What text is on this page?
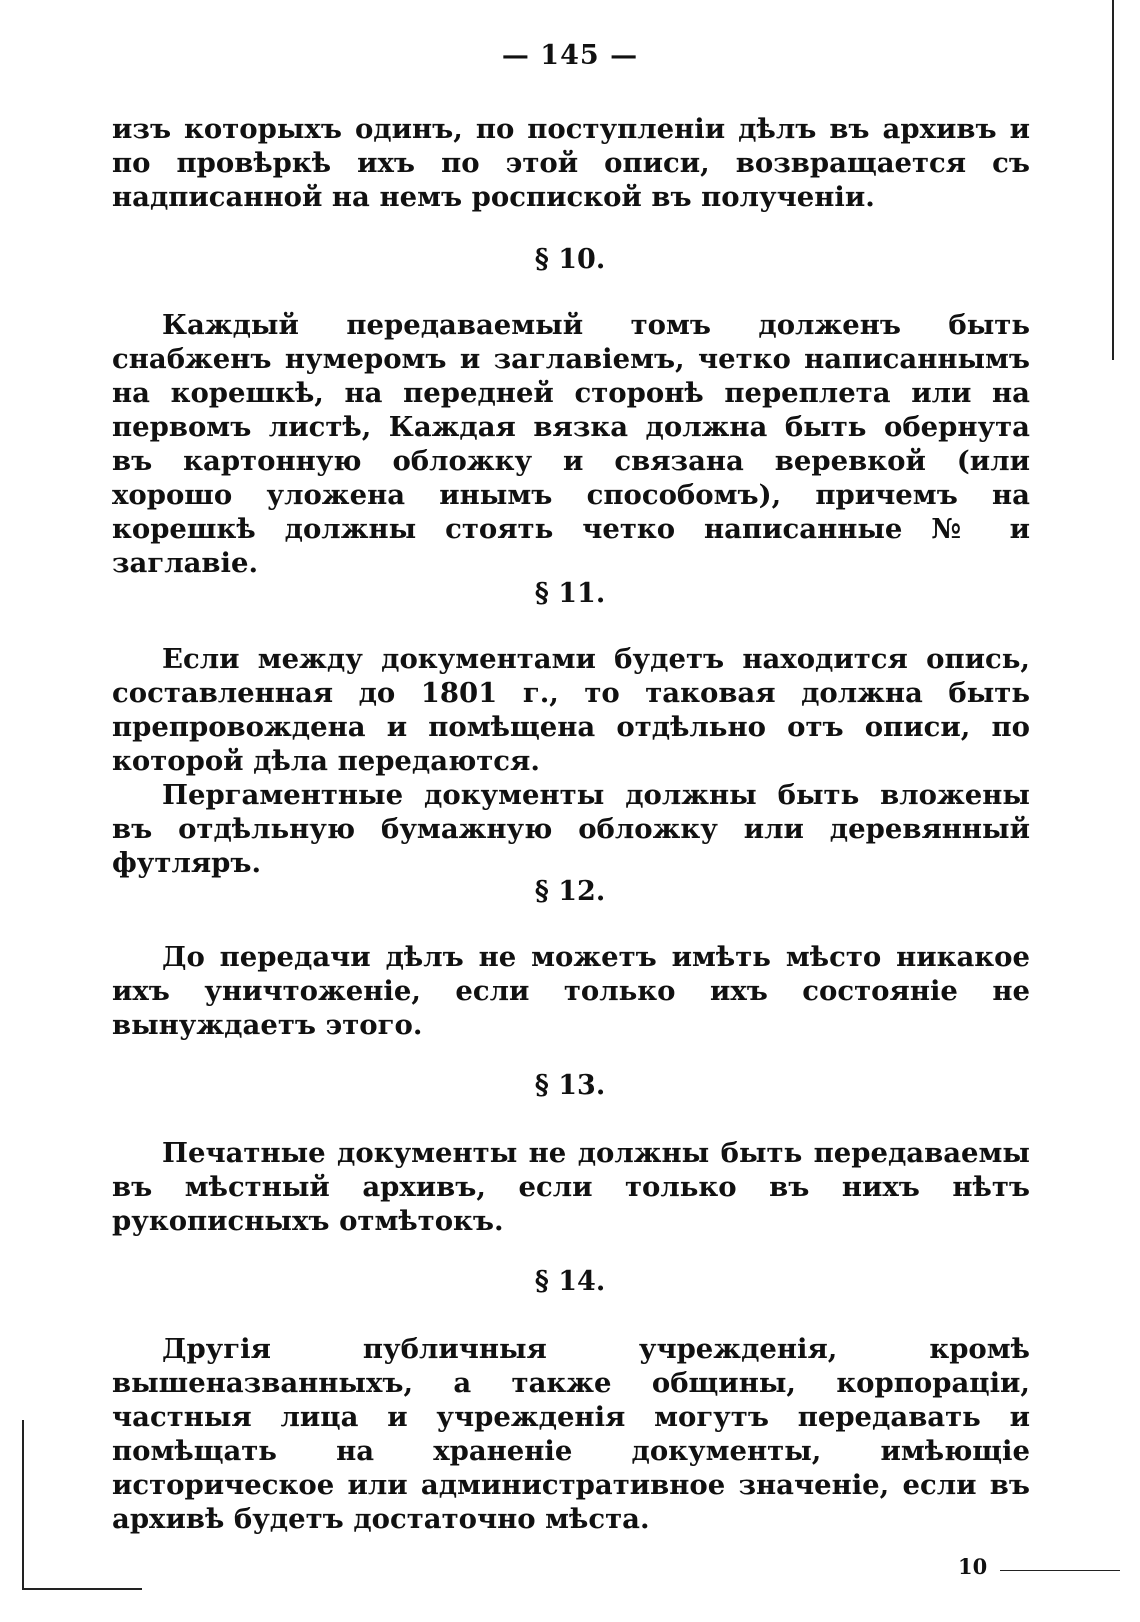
— 145 —

изъ которыхъ одинъ, по поступленіи дѣлъ въ архивъ и по провѣркѣ ихъ по этой описи, возвращается съ надписанной на немъ роспиской въ полученіи.

§ 10.

Каждый передаваемый томъ долженъ быть снабженъ нумеромъ и заглавіемъ, четко написаннымъ на корешкѣ, на передней сторонѣ переплета или на первомъ листѣ, Каждая вязка должна быть обернута въ картонную обложку и связана веревкой (или хорошо уложена инымъ способомъ), причемъ на корешкѣ должны стоять четко написанные № и заглавіе.

§ 11.

Если между документами будетъ находится опись, составленная до 1801 г., то таковая должна быть препровождена и помѣщена отдѣльно отъ описи, по которой дѣла передаются.

Пергаментные документы должны быть вложены въ отдѣльную бумажную обложку или деревянный футляръ.

§ 12.

До передачи дѣлъ не можетъ имѣть мѣсто никакое ихъ уничтоженіе, если только ихъ состояніе не вынуждаетъ этого.

§ 13.

Печатные документы не должны быть передаваемы въ мѣстный архивъ, если только въ нихъ нѣтъ рукописныхъ отмѣтокъ.

§ 14.

Другія публичныя учрежденія, кромѣ вышеназванныхъ, а также общины, корпораціи, частныя лица и учрежденія могутъ передавать и помѣщать на храненіе документы, имѣющіе историческое или административное значеніе, если въ архивѣ будетъ достаточно мѣста.

10
